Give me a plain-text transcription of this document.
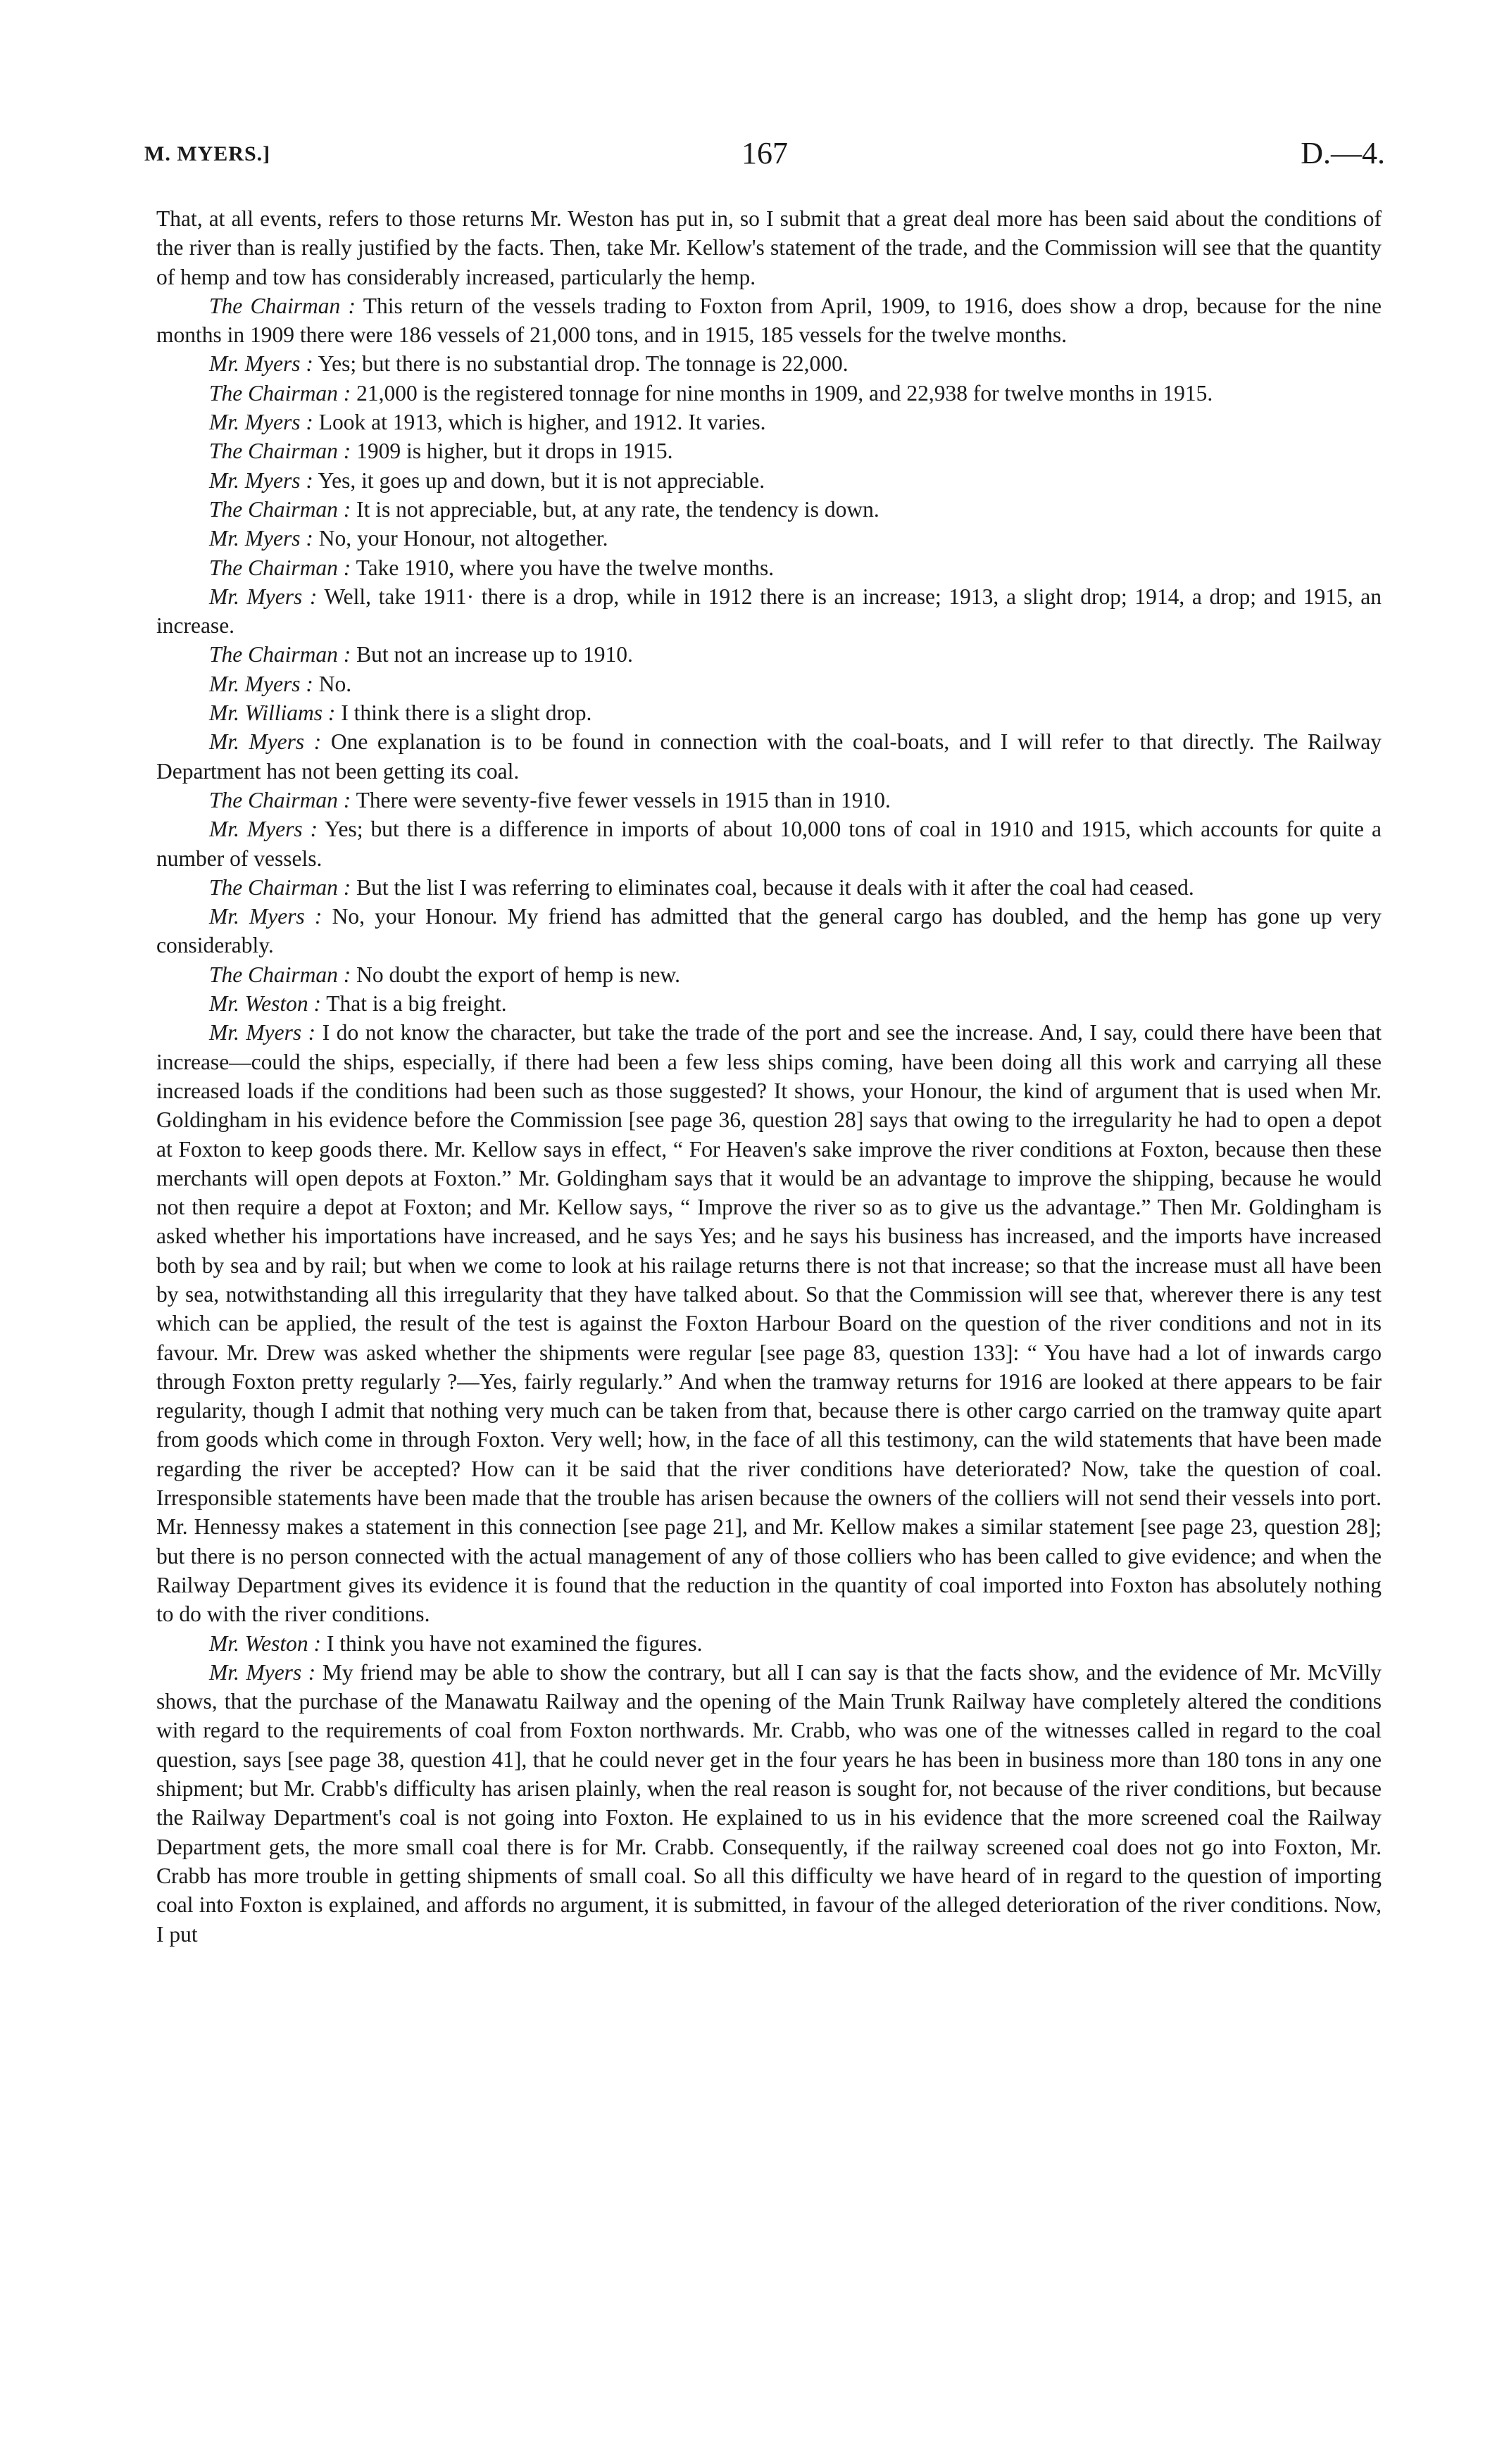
M. MYERS.]	167	D.—4.

That, at all events, refers to those returns Mr. Weston has put in, so I submit that a great deal more has been said about the conditions of the river than is really justified by the facts. Then, take Mr. Kellow's statement of the trade, and the Commission will see that the quantity of hemp and tow has considerably increased, particularly the hemp.

The Chairman : This return of the vessels trading to Foxton from April, 1909, to 1916, does show a drop, because for the nine months in 1909 there were 186 vessels of 21,000 tons, and in 1915, 185 vessels for the twelve months.

Mr. Myers : Yes; but there is no substantial drop. The tonnage is 22,000.

The Chairman : 21,000 is the registered tonnage for nine months in 1909, and 22,938 for twelve months in 1915.

Mr. Myers : Look at 1913, which is higher, and 1912. It varies.

The Chairman : 1909 is higher, but it drops in 1915.

Mr. Myers : Yes, it goes up and down, but it is not appreciable.

The Chairman : It is not appreciable, but, at any rate, the tendency is down.

Mr. Myers : No, your Honour, not altogether.

The Chairman : Take 1910, where you have the twelve months.

Mr. Myers : Well, take 1911· there is a drop, while in 1912 there is an increase; 1913, a slight drop; 1914, a drop; and 1915, an increase.

The Chairman : But not an increase up to 1910.

Mr. Myers : No.

Mr. Williams : I think there is a slight drop.

Mr. Myers : One explanation is to be found in connection with the coal-boats, and I will refer to that directly. The Railway Department has not been getting its coal.

The Chairman : There were seventy-five fewer vessels in 1915 than in 1910.

Mr. Myers : Yes; but there is a difference in imports of about 10,000 tons of coal in 1910 and 1915, which accounts for quite a number of vessels.

The Chairman : But the list I was referring to eliminates coal, because it deals with it after the coal had ceased.

Mr. Myers : No, your Honour. My friend has admitted that the general cargo has doubled, and the hemp has gone up very considerably.

The Chairman : No doubt the export of hemp is new.

Mr. Weston : That is a big freight.

Mr. Myers : I do not know the character, but take the trade of the port and see the increase. And, I say, could there have been that increase—could the ships, especially, if there had been a few less ships coming, have been doing all this work and carrying all these increased loads if the conditions had been such as those suggested? It shows, your Honour, the kind of argument that is used when Mr. Goldingham in his evidence before the Commission [see page 36, question 28] says that owing to the irregularity he had to open a depot at Foxton to keep goods there. Mr. Kellow says in effect, “ For Heaven's sake improve the river conditions at Foxton, because then these merchants will open depots at Foxton.” Mr. Goldingham says that it would be an advantage to improve the shipping, because he would not then require a depot at Foxton; and Mr. Kellow says, “ Improve the river so as to give us the advantage.” Then Mr. Goldingham is asked whether his importations have increased, and he says Yes; and he says his business has increased, and the imports have increased both by sea and by rail; but when we come to look at his railage returns there is not that increase; so that the increase must all have been by sea, notwithstanding all this irregularity that they have talked about. So that the Commission will see that, wherever there is any test which can be applied, the result of the test is against the Foxton Harbour Board on the question of the river conditions and not in its favour. Mr. Drew was asked whether the shipments were regular [see page 83, question 133]: “ You have had a lot of inwards cargo through Foxton pretty regularly ?—Yes, fairly regularly.” And when the tramway returns for 1916 are looked at there appears to be fair regularity, though I admit that nothing very much can be taken from that, because there is other cargo carried on the tramway quite apart from goods which come in through Foxton. Very well; how, in the face of all this testimony, can the wild statements that have been made regarding the river be accepted? How can it be said that the river conditions have deteriorated? Now, take the question of coal. Irresponsible statements have been made that the trouble has arisen because the owners of the colliers will not send their vessels into port. Mr. Hennessy makes a statement in this connection [see page 21], and Mr. Kellow makes a similar statement [see page 23, question 28]; but there is no person connected with the actual management of any of those colliers who has been called to give evidence; and when the Railway Department gives its evidence it is found that the reduction in the quantity of coal imported into Foxton has absolutely nothing to do with the river conditions.

Mr. Weston : I think you have not examined the figures.

Mr. Myers : My friend may be able to show the contrary, but all I can say is that the facts show, and the evidence of Mr. McVilly shows, that the purchase of the Manawatu Railway and the opening of the Main Trunk Railway have completely altered the conditions with regard to the requirements of coal from Foxton northwards. Mr. Crabb, who was one of the witnesses called in regard to the coal question, says [see page 38, question 41], that he could never get in the four years he has been in business more than 180 tons in any one shipment; but Mr. Crabb's difficulty has arisen plainly, when the real reason is sought for, not because of the river conditions, but because the Railway Department's coal is not going into Foxton. He explained to us in his evidence that the more screened coal the Railway Department gets, the more small coal there is for Mr. Crabb. Consequently, if the railway screened coal does not go into Foxton, Mr. Crabb has more trouble in getting shipments of small coal. So all this difficulty we have heard of in regard to the question of importing coal into Foxton is explained, and affords no argument, it is submitted, in favour of the alleged deterioration of the river conditions. Now, I put
